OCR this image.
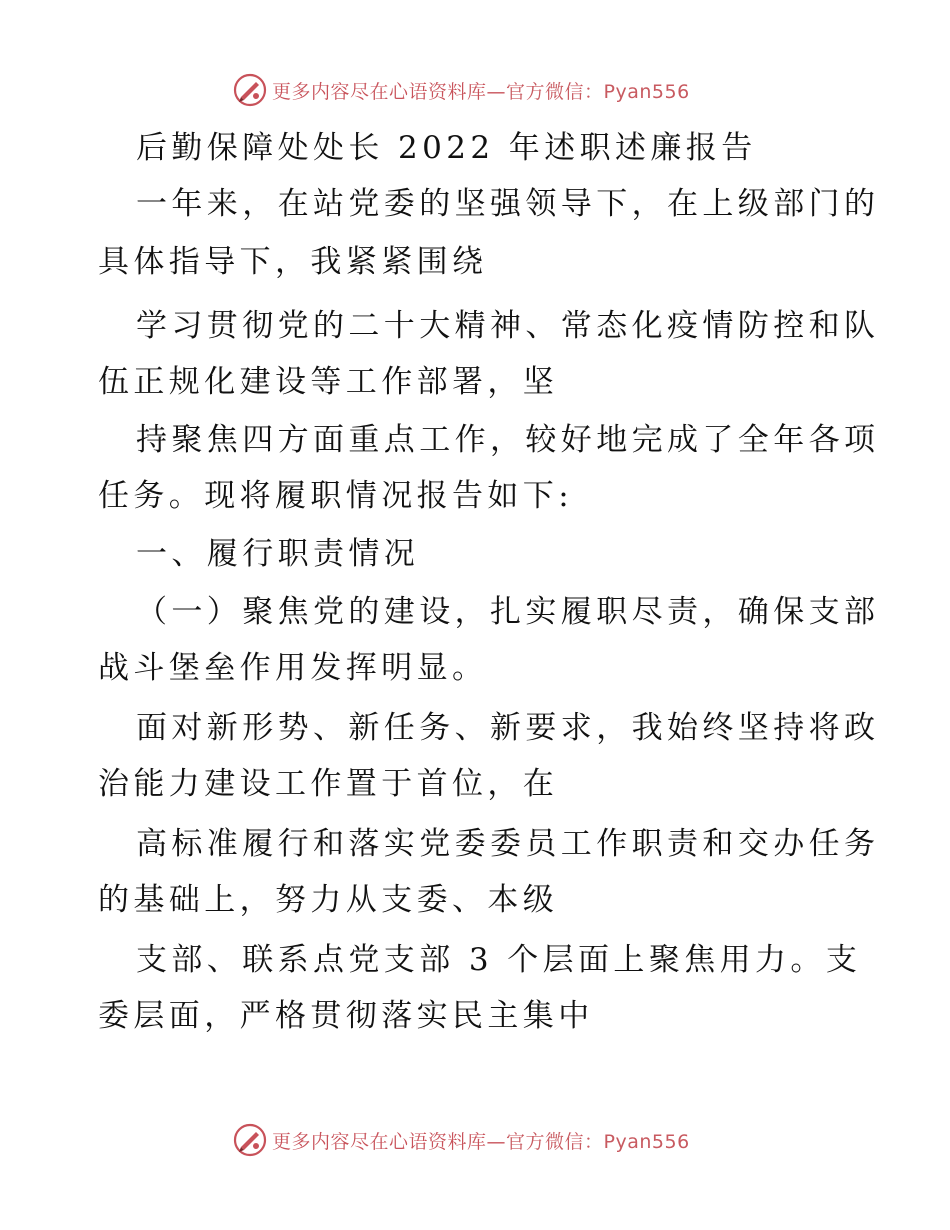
更多内容尽在心语资料库—官方微信：Pyan556
后勤保障处处长 2022 年述职述廉报告
一年来，在站党委的坚强领导下，在上级部门的
具体指导下，我紧紧围绕
学习贯彻党的二十大精神、常态化疫情防控和队
伍正规化建设等工作部署，坚
持聚焦四方面重点工作，较好地完成了全年各项
任务。现将履职情况报告如下:
一、履行职责情况
（一）聚焦党的建设，扎实履职尽责，确保支部
战斗堡垒作用发挥明显。
面对新形势、新任务、新要求，我始终坚持将政
治能力建设工作置于首位，在
高标准履行和落实党委委员工作职责和交办任务
的基础上，努力从支委、本级
支部、联系点党支部 3 个层面上聚焦用力。支
委层面，严格贯彻落实民主集中
更多内容尽在心语资料库—官方微信：Pyan556
